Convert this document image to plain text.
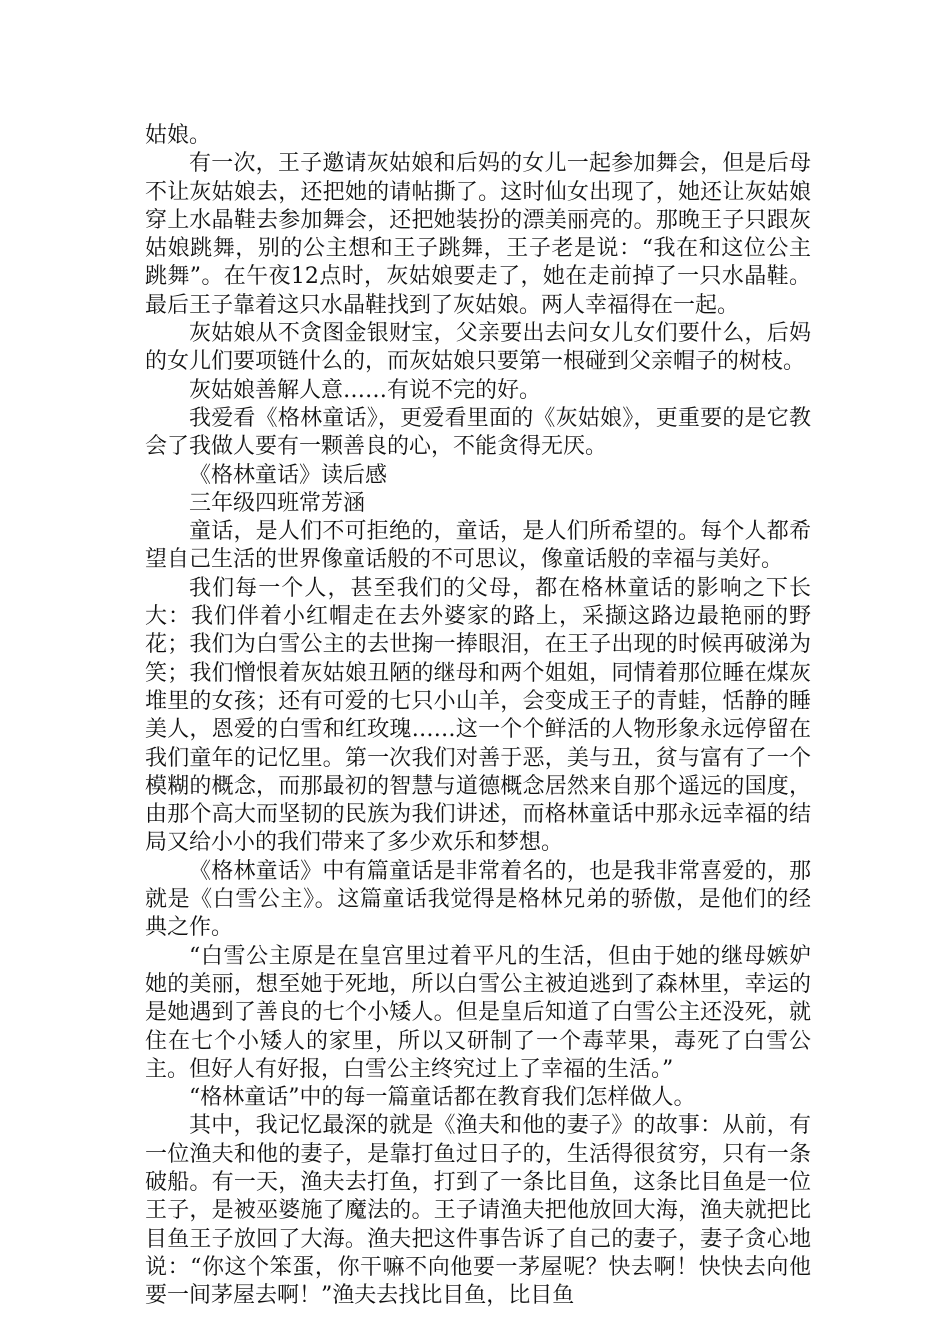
姑娘。

有一次，王子邀请灰姑娘和后妈的女儿一起参加舞会，但是后母不让灰姑娘去，还把她的请帖撕了。这时仙女出现了，她还让灰姑娘穿上水晶鞋去参加舞会，还把她装扮的漂美丽亮的。那晚王子只跟灰姑娘跳舞，别的公主想和王子跳舞，王子老是说：“我在和这位公主跳舞”。在午夜12点时，灰姑娘要走了，她在走前掉了一只水晶鞋。最后王子靠着这只水晶鞋找到了灰姑娘。两人幸福得在一起。

灰姑娘从不贪图金银财宝，父亲要出去问女儿女们要什么，后妈的女儿们要项链什么的，而灰姑娘只要第一根碰到父亲帽子的树枝。

灰姑娘善解人意……有说不完的好。

我爱看《格林童话》，更爱看里面的《灰姑娘》，更重要的是它教会了我做人要有一颗善良的心，不能贪得无厌。

《格林童话》读后感

三年级四班常芳涵

童话，是人们不可拒绝的，童话，是人们所希望的。每个人都希望自己生活的世界像童话般的不可思议，像童话般的幸福与美好。

我们每一个人，甚至我们的父母，都在格林童话的影响之下长大：我们伴着小红帽走在去外婆家的路上，采撷这路边最艳丽的野花；我们为白雪公主的去世掬一捧眼泪，在王子出现的时候再破涕为笑；我们憎恨着灰姑娘丑陋的继母和两个姐姐，同情着那位睡在煤灰堆里的女孩；还有可爱的七只小山羊，会变成王子的青蛙，恬静的睡美人，恩爱的白雪和红玫瑰……这一个个鲜活的人物形象永远停留在我们童年的记忆里。第一次我们对善于恶，美与丑，贫与富有了一个模糊的概念，而那最初的智慧与道德概念居然来自那个遥远的国度，由那个高大而坚韧的民族为我们讲述，而格林童话中那永远幸福的结局又给小小的我们带来了多少欢乐和梦想。

《格林童话》中有篇童话是非常着名的，也是我非常喜爱的，那就是《白雪公主》。这篇童话我觉得是格林兄弟的骄傲，是他们的经典之作。

“白雪公主原是在皇宫里过着平凡的生活，但由于她的继母嫉妒她的美丽，想至她于死地，所以白雪公主被迫逃到了森林里，幸运的是她遇到了善良的七个小矮人。但是皇后知道了白雪公主还没死，就住在七个小矮人的家里，所以又研制了一个毒苹果，毒死了白雪公主。但好人有好报，白雪公主终究过上了幸福的生活。”

“格林童话”中的每一篇童话都在教育我们怎样做人。

其中，我记忆最深的就是《渔夫和他的妻子》的故事：从前，有一位渔夫和他的妻子，是靠打鱼过日子的，生活得很贫穷，只有一条破船。有一天，渔夫去打鱼，打到了一条比目鱼，这条比目鱼是一位王子，是被巫婆施了魔法的。王子请渔夫把他放回大海，渔夫就把比目鱼王子放回了大海。渔夫把这件事告诉了自己的妻子，妻子贪心地说：“你这个笨蛋，你干嘛不向他要一茅屋呢？快去啊！快快去向他要一间茅屋去啊！”渔夫去找比目鱼，比目鱼
